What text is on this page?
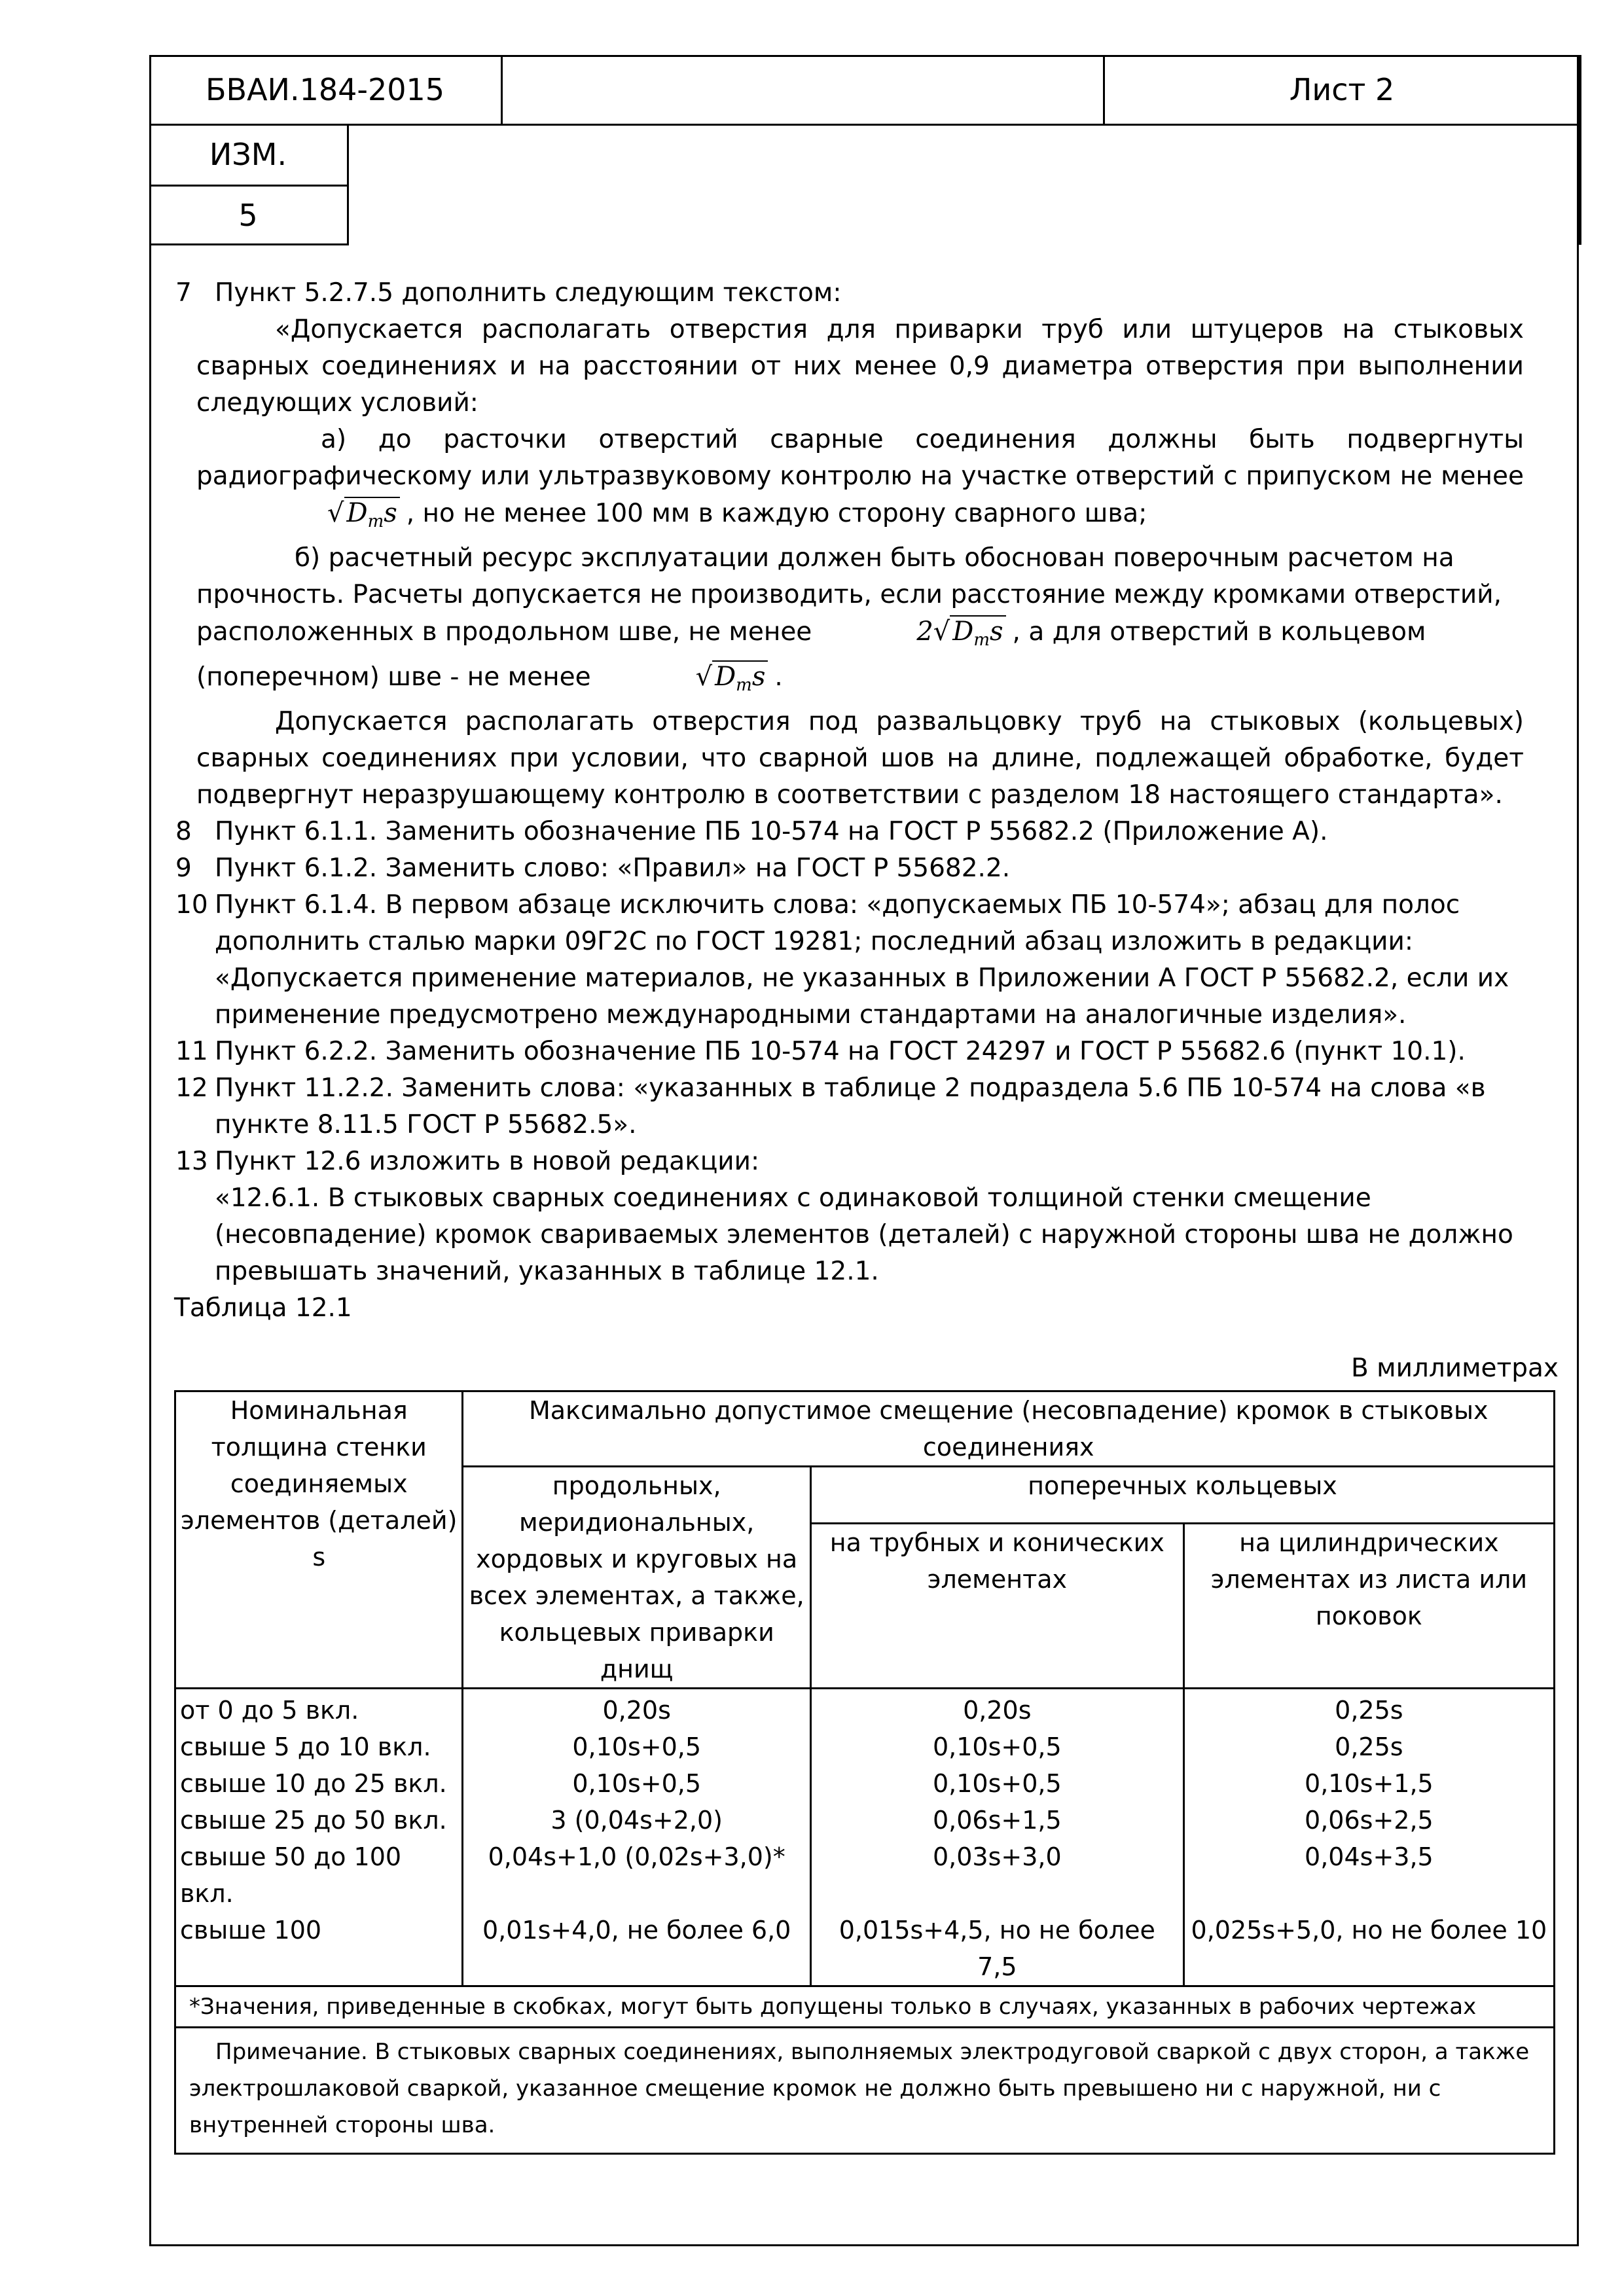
БВАИ.184-2015	Лист 2
ИЗМ.
5
7 Пункт 5.2.7.5 дополнить следующим текстом:

«Допускается располагать отверстия для приварки труб или штуцеров на стыковых сварных соединениях и на расстоянии от них менее 0,9 диаметра отверстия при выполнении следующих условий:

а) до расточки отверстий сварные соединения должны быть подвергнуты радиографическому или ультразвуковому контролю на участке отверстий с припуском не менее√ $D_ms$ , но не менее 100 мм в каждую сторону сварного шва;

б) расчетный ресурс эксплуатации должен быть обоснован поверочным расчетом на прочность. Расчеты допускается не производить, если расстояние между кромками отверстий, расположенных в продольном шве, не менее	2√ $D_ms$ , а для отверстий в кольцевом (поперечном) шве - не менее	√ $D_ms$ .

Допускается располагать отверстия под развальцовку труб на стыковых (кольцевых) сварных соединениях при условии, что сварной шов на длине, подлежащей обработке, будет подвергнут неразрушающему контролю в соответствии с разделом 18 настоящего стандарта».

8 Пункт 6.1.1. Заменить обозначение ПБ 10-574 на ГОСТ Р 55682.2 (Приложение А).
9 Пункт 6.1.2. Заменить слово: «Правил» на ГОСТ Р 55682.2.
10 Пункт 6.1.4. В первом абзаце исключить слова: «допускаемых ПБ 10-574»; абзац для полос дополнить сталью марки 09Г2С по ГОСТ 19281; последний абзац изложить в редакции:
«Допускается применение материалов, не указанных в Приложении А ГОСТ Р 55682.2, если их применение предусмотрено международными стандартами на аналогичные изделия».
11 Пункт 6.2.2. Заменить обозначение ПБ 10-574 на ГОСТ 24297 и ГОСТ Р 55682.6 (пункт 10.1).
12 Пункт 11.2.2. Заменить слова: «указанных в таблице 2 подраздела 5.6 ПБ 10-574 на слова «в пункте 8.11.5 ГОСТ Р 55682.5».
13 Пункт 12.6 изложить в новой редакции:
«12.6.1. В стыковых сварных соединениях с одинаковой толщиной стенки смещение (несовпадение) кромок свариваемых элементов (деталей) с наружной стороны шва не должно превышать значений, указанных в таблице 12.1.
Таблица 12.1
В миллиметрах
Номинальная толщина стенки соединяемых элементов (деталей) s	Максимально допустимое смещение (несовпадение) кромок в стыковых соединениях		
	продольных, меридиональных, хордовых и круговых на всех элементах, а также, кольцевых приварки днищ	поперечных кольцевых	
		на трубных и конических элементах	на цилиндрических элементах из листа или поковок
от 0 до 5 вкл.	0,20s	0,20s	0,25s
свыше 5 до 10 вкл.	0,10s+0,5	0,10s+0,5	0,25s
свыше 10 до 25 вкл.	0,10s+0,5	0,10s+0,5	0,10s+1,5
свыше 25 до 50 вкл.	3 (0,04s+2,0)	0,06s+1,5	0,06s+2,5
свыше 50 до 100 вкл.	0,04s+1,0 (0,02s+3,0)*	0,03s+3,0	0,04s+3,5
свыше 100	0,01s+4,0, не более 6,0	0,015s+4,5, но не более 7,5	0,025s+5,0, но не более 10
*Значения, приведенные в скобках, могут быть допущены только в случаях, указанных в рабочих чертежах			

Примечание. В стыковых сварных соединениях, выполняемых электродуговой сваркой с двух сторон, а также электрошлаковой сваркой, указанное смещение кромок не должно быть превышено ни с наружной, ни с внутренней стороны шва.			
